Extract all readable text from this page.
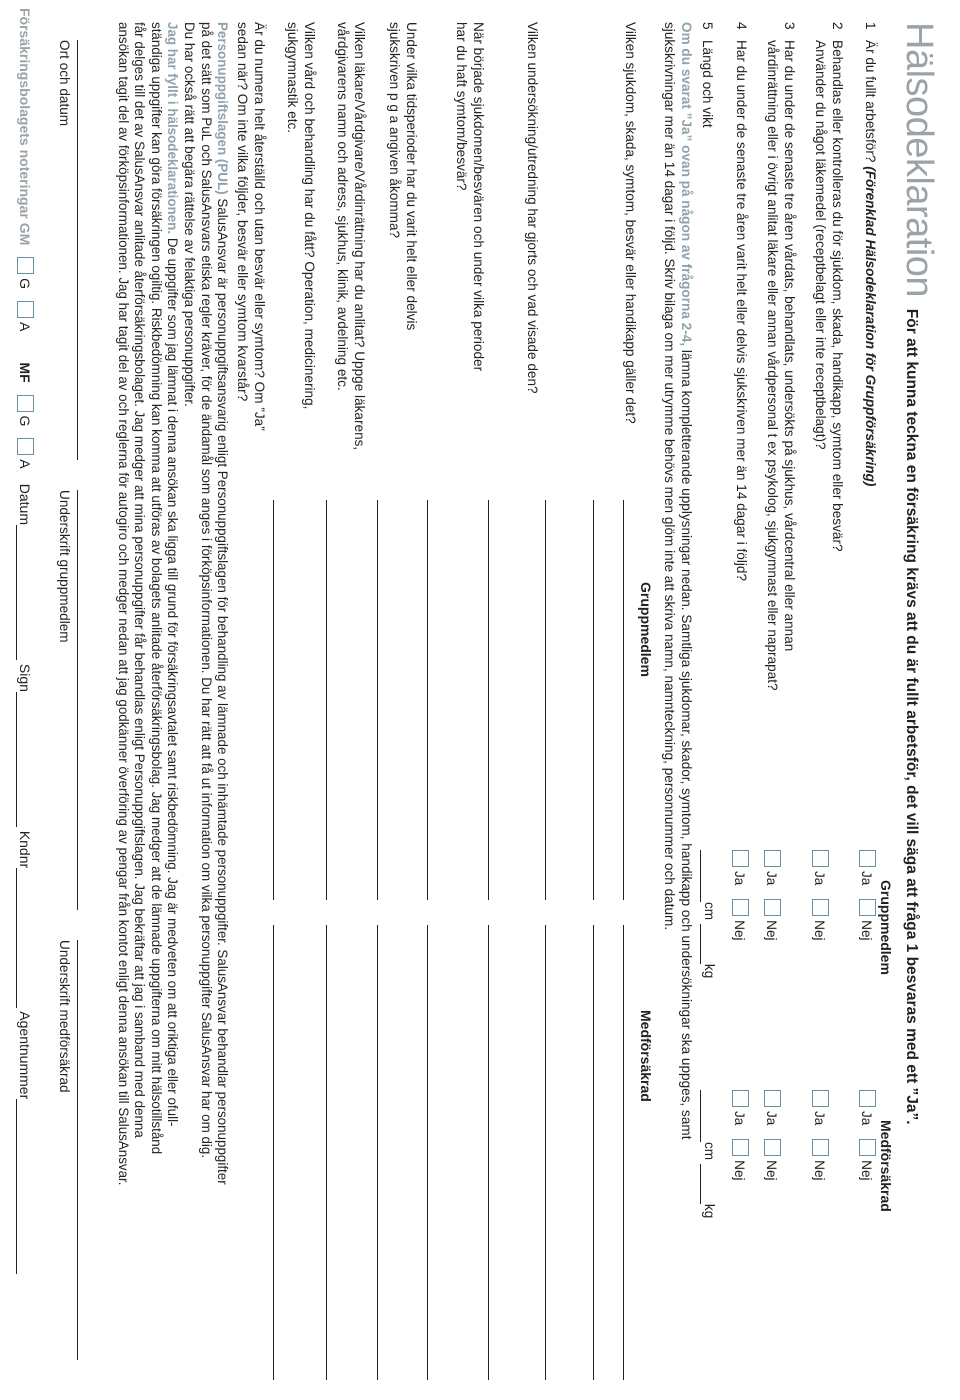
Hälsodeklaration För att kunna teckna en försäkring krävs att du är fullt arbetsför, det vill säga att fråga 1 besvaras med ett ”Ja”.
Gruppmedlem
Medförsäkrad
1Är du fullt arbetsför? (Förenklad Hälsodeklaration för Gruppförsäkring)
2Behandlas eller kontrolleras du för sjukdom, skada, handikapp, symtom eller besvär?
Använder du något läkemedel (receptbelagt eller inte receptbelagt)?
3Har du under de senaste tre åren vårdats, behandlats, undersökts på sjukhus, vårdcentral eller annan
vårdinrättning eller i övrigt anlitat läkare eller annan vårdpersonal t ex psykolog, sjukgymnast eller naprapat?
4Har du under de senaste tre åren varit helt eller delvis sjukskriven mer än 14 dagar i följd?
Ja Nej
Ja Nej
Ja Nej
Ja Nej
Ja Nej
Ja Nej
Ja Nej
Ja Nej
5Längd och vikt
cm kg
cm kg
Om du svarat ”Ja” ovan på någon av frågorna 2-4, lämna kompletterande upplysningar nedan. Samtliga sjukdomar, skador, symtom, handikapp och undersökningar ska uppges, samt
sjukskrivningar mer än 14 dagar i följd. Skriv bilaga om mer utrymme behövs men glöm inte att skriva namn, namnteckning, personnummer och datum.
Gruppmedlem
Medförsäkrad
Vilken sjukdom, skada, symtom, besvär eller handikapp gäller det?
Vilken undersökning/utredning har gjorts och vad visade den?
När började sjukdomen/besvären och under vilka perioder
har du haft symtom/besvär?
Under vilka tidsperioder har du varit helt eller delvis
sjukskriven p g a angiven åkomma?
Vilken läkare/Vårdgivare/Vårdinrättning har du anlitat? Uppge läkarens,
vårdgivarens namn och adress, sjukhus, klinik, avdelning etc.
Vilken vård och behandling har du fått? Operation, medicinering,
sjukgymnastik etc.
Är du numera helt återställd och utan besvär eller symtom? Om ”Ja”
sedan när? Om inte vilka följder, besvär eller symtom kvarstår?
Personuppgiftslagen (PUL) SalusAnsvar är personuppgiftsansvarig enligt Personuppgiftslagen för behandling av lämnade och inhämtade personuppgifter. SalusAnsvar behandlar personuppgifter
på det sätt som PuL och SalusAnsvars etiska regler kräver, för de ändamål som anges i förköpsinformationen. Du har rätt att få ut information om vilka personuppgifter SalusAnsvar har om dig.
Du har också rätt att begära rättelse av felaktiga personuppgifter.
Jag har fyllt i hälsodeklarationen. De uppgifter som jag lämnat i denna ansökan ska ligga till grund för försäkringsavtalet samt riskbedömning. Jag är medveten om att oriktiga eller ofull-
ständiga uppgifter kan göra försäkringen ogiltig. Riskbedömning kan komma att utföras av bolagets anlitade återförsäkringsbolag. Jag medger att de lämnade uppgifterna om mitt hälsotillstånd
får delges till det av SalusAnsvar anlitade återförsäkringsbolaget. Jag medger att mina personuppgifter får behandlas enligt Personuppgiftslagen. Jag bekräftar att jag i samband med denna
ansökan tagit del av förköpsinformationen. Jag har tagit del av och reglerna för autogiro och medger nedan att jag godkänner överföring av pengar från kontot enligt denna ansökan till SalusAnsvar.
Ort och datum
Underskrift gruppmedlem
Underskrift medförsäkrad
Försäkringsbolagets noteringar GM G A MF G A Datum Sign Kndnr Agentnummer
